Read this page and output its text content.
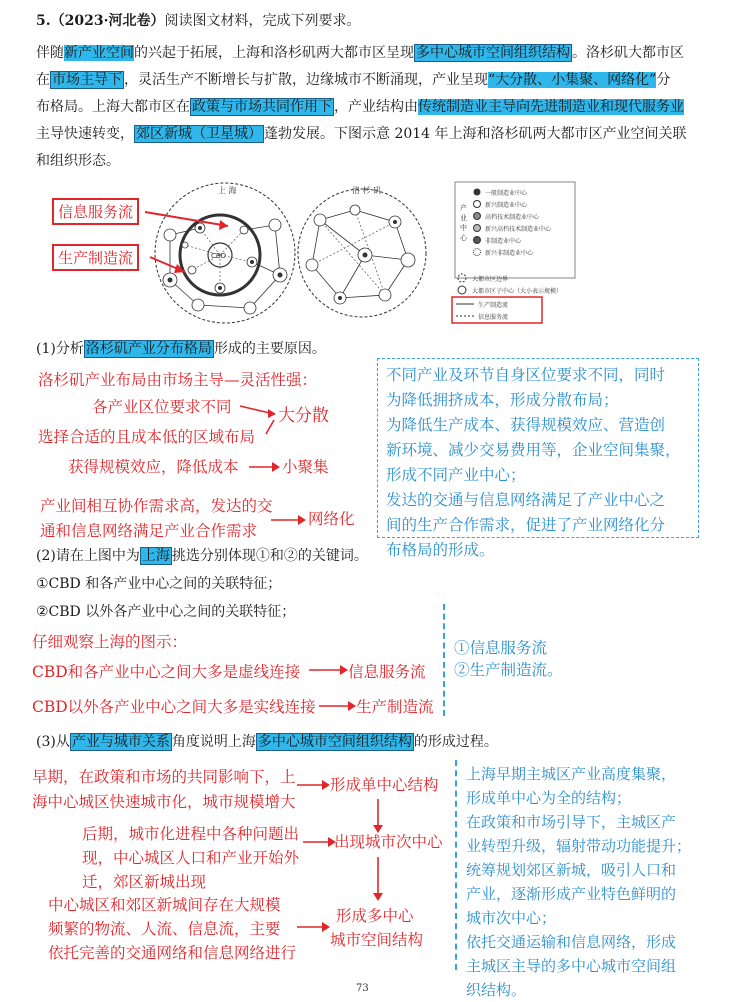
5.（2023·河北卷）阅读图文材料，完成下列要求。
伴随新产业空间的兴起于拓展，上海和洛杉矶两大都市区呈现 多中心城市空间组织结构 。洛杉矶大都市区
在 市场主导下 ，灵活生产不断增长与扩散，边缘城市不断涌现，产业呈现“大分散、小集聚、网络化”分
布格局。上海大都市区在 政策与市场共同作用下 ，产业结构由传统制造业主导向先进制造业和现代服务业
主导快速转变， 郊区新城（卫星城） 蓬勃发展。下图示意 2014 年上海和洛杉矶两大都市区产业空间关联
和组织形态。
上 海
CBD
洛 杉 矶
产
业
中
心
一般制造业中心
新兴制造业中心
高档技术制造业中心
新兴高档技术制造业中心
非制造业中心
新兴非制造业中心
大都市区边界
大都市区子中心（大小表示规模）
生产制造流
信息服务流
信息服务流
生产制造流
(1)分析 洛杉矶产业分布格局 形成的主要原因。
洛杉矶产业布局由市场主导—灵活性强：
各产业区位要求不同
选择合适的且成本低的区域布局
大分散
获得规模效应，降低成本	小聚集
产业间相互协作需求高，发达的交
通和信息网络满足产业合作需求
网络化
不同产业及环节自身区位要求不同，同时
为降低拥挤成本，形成分散布局；
为降低生产成本、获得规模效应、营造创
新环境、减少交易费用等，企业空间集聚，
形成不同产业中心；
发达的交通与信息网络满足了产业中心之
间的生产合作需求，促进了产业网络化分
布格局的形成。
(2)请在上图中为 上海 挑选分别体现①和②的关键词。
①CBD 和各产业中心之间的关联特征；
②CBD 以外各产业中心之间的关联特征；
仔细观察上海的图示：
CBD和各产业中心之间大多是虚线连接	信息服务流
CBD以外各产业中心之间大多是实线连接	生产制造流
①信息服务流
②生产制造流。
(3)从 产业与城市关系 角度说明上海 多中心城市空间组织结构 的形成过程。
早期，在政策和市场的共同影响下，上
海中心城区快速城市化，城市规模增大
形成单中心结构
后期，城市化进程中各种问题出
现，中心城区人口和产业开始外
迁，郊区新城出现
出现城市次中心
中心城区和郊区新城间存在大规模
频繁的物流、人流、信息流，主要
依托完善的交通网络和信息网络进行
形成多中心
城市空间结构
上海早期主城区产业高度集聚，
形成单中心为全的结构；
在政策和市场引导下，主城区产
业转型升级，辐射带动功能提升；
统筹规划郊区新城，吸引人口和
产业，逐渐形成产业特色鲜明的
城市次中心；
依托交通运输和信息网络，形成
主城区主导的多中心城市空间组
织结构。
73
